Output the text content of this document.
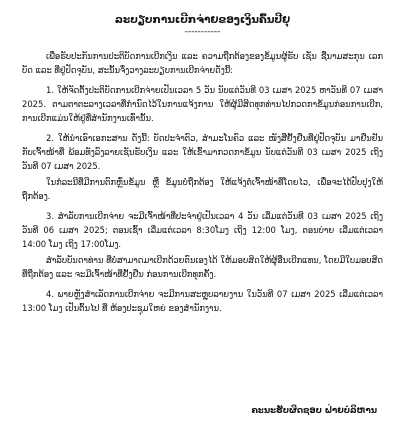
ລະບຽບການເບີກຈ່າຍຂອງເງິນຄົ້ນປີຍຸ

-----------

ເພື່ອຮັບປະກັນການປະຕິບັດການເບີກເງິນ ແລະ ຄວາມຖືກຕ້ອງຂອງຂໍ້ມູນຜູ້ຮັບ ເຊັ່ນ ຊື່ນາມສະກຸນ ເລກບັດ ແລະ ທີ່ຢູ່ປັດຈຸບັນ, ສະນັ້ນຈຶ່ງວາງລະບຽບການເບີກຈ່າຍດັ່ງນີ້:

1. ໃຫ້ຈັດຕັ້ງປະຕິບັດການເບີກຈ່າຍເປັນເວລາ 5 ວັນ ນັບແຕ່ວັນທີ 03 ເມສາ 2025 ຫາວັນທີ 07 ເມສາ 2025. ຕາມຕາຕະລາງເວລາທີ່ກໍານົດໄວ້ໃນການແຈ້ງການ ໃຫ້ຜູ້ມີສິດທຸກທ່ານໄປກວດກາຂໍ້ມູນກ່ອນການເບີກ, ການເບີກແມ່ນໃຫ້ຢູ່ທີ່ສໍານັກງານເທົ່ານັ້ນ.

2. ໃຫ້ນໍາເອົາເອກະສານ ດັ່ງນີ້: ບັດປະຈໍາຕົວ, ສໍາມະໂນຄົວ ແລະ ໜັງສືຢັ້ງຢືນທີ່ຢູ່ປັດຈຸບັນ ມາຢືນຢັນກັບເຈົ້າໜ້າທີ່ ພ້ອມທັງລົງລາຍເຊັນຮັບເງິນ ແລະ ໃຫ້ເຂົ້າມາກວດກາຂໍ້ມູນ ນັບແຕ່ວັນທີ 03 ເມສາ 2025 ເຖິງວັນທີ 07 ເມສາ 2025.

ໃນກໍລະນີທີ່ມີການຕົກຫຼົ່ນຂໍ້ມູນ ຫຼື ຂໍ້ມູນບໍ່ຖືກຕ້ອງ ໃຫ້ແຈ້ງຕໍ່ເຈົ້າໜ້າທີ່ໂດຍໄວ, ເພື່ອຈະໄດ້ປັບປຸງໃຫ້ຖືກຕ້ອງ.

3. ສໍາລັບການເບີກຈ່າຍ ຈະມີເຈົ້າໜ້າທີ່ປະຈໍາຢູ່ເປັນເວລາ 4 ວັນ ເລີ່ມແຕ່ວັນທີ 03 ເມສາ 2025 ເຖິງວັນທີ 06 ເມສາ 2025; ຕອນເຊົ້າ ເລີ່ມແຕ່ເວລາ 8:30ໂມງ ເຖິງ 12:00 ໂມງ, ຕອນບ່າຍ ເລີ່ມແຕ່ເວລາ 14:00 ໂມງ ເຖິງ 17:00ໂມງ.

ສໍາລັບບັນດາທ່ານ ທີ່ບໍ່ສາມາດມາເບີກດ້ວຍຕົນເອງໄດ້ ໃຫ້ມອບສິດໃຫ້ຜູ້ອື່ນເບີກແທນ, ໂດຍມີໃບມອບສິດທີ່ຖືກຕ້ອງ ແລະ ຈະມີເຈົ້າໜ້າທີ່ຢັ້ງຢືນ ກ່ອນການເບີກທຸກຄັ້ງ.

4. ພາຍຫຼັງສໍາເລັດການເບີກຈ່າຍ ຈະມີການສະຫຼຸບລາຍງານ ໃນວັນທີ 07 ເມສາ 2025 ເລີ່ມແຕ່ເວລາ 13:00 ໂມງ ເປັນຕົ້ນໄປ ທີ່ ຫ້ອງປະຊຸມໃຫຍ່ ຂອງສໍານັກງານ.

ຄະນະຮັບຜິດຊອບ ຝ່າຍບໍລິຫານ
